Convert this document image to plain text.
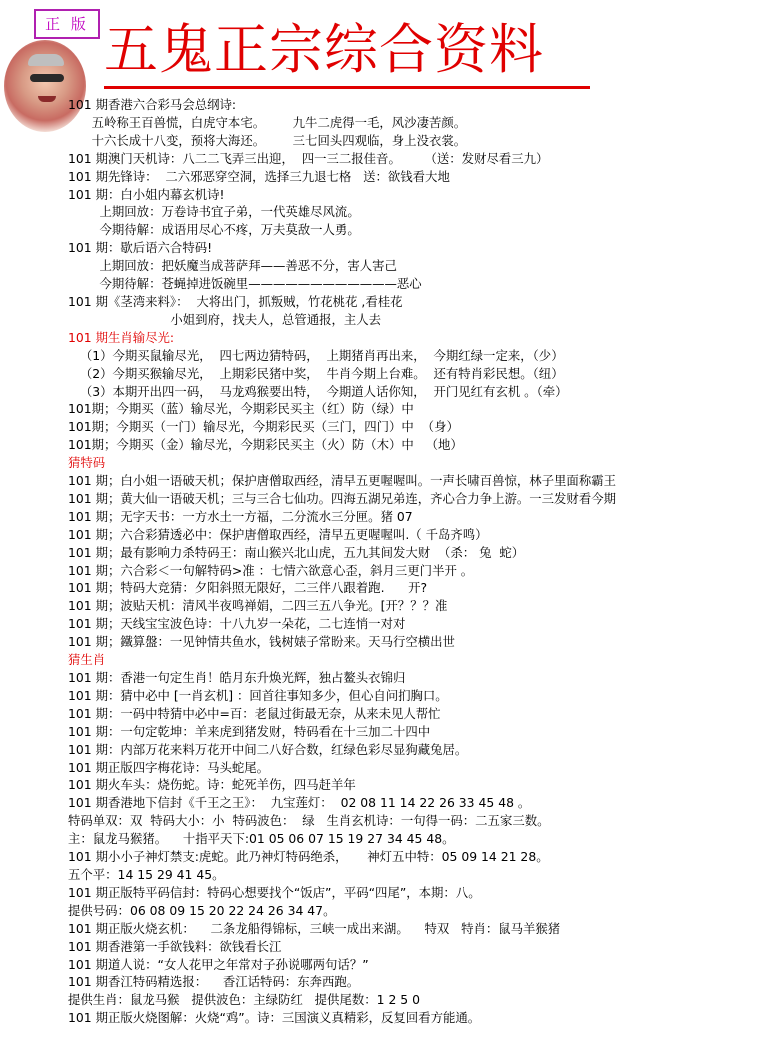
正 版 五鬼正宗综合资料
101 期香港六合彩马会总纲诗:
五岭称王百兽慌，白虎守本宅。       九牛二虎得一毛，风沙凄苦颜。
十六长成十八变，预将大海还。       三七回头四观临，身上没衣裳。
101 期澳门天机诗：八二二飞弄三出迎，  四一三二报佳音。      （送：发财尽看三九）
101 期先锋诗：  二六邪恶穿空洞，选择三九退七格   送：欲钱看大地
101 期：白小姐内幕玄机诗!
上期回放：万卷诗书宜子弟，一代英雄尽风流。
今期待解：成语用尽心不疼，万夫莫敌一人勇。
101 期：歇后语六合特码!
上期回放：把妖魔当成菩萨拜——善恶不分，害人害己
今期待解：苍蝇掉进饭碗里————————————恶心
101 期《茎湾来料》：  大将出门，抓叛贼，竹花桃花 ,看桂花
小姐到府，找夫人，总管通报，主人去
101 期生肖输尽光:
（1）今期买鼠输尽光，  四七两边猜特码，  上期猪肖再出来，  今期红绿一定来，（少）
（2）今期买猴输尽光，  上期彩民猪中奖，  牛肖今期上台难。  还有特肖彩民想。（纽）
（3）本期开出四一码，  马龙鸡猴要出特，  今期道人话你知，  开门见红有玄机 。（牵）
101期；今期买（蓝）输尽光，今期彩民买主（红）防（绿）中
101期；今期买（一门）输尽光，今期彩民买（三门，四门）中  （身）
101期；今期买（金）输尽光，今期彩民买主（火）防（木）中   （地）
猜特码
101 期；白小姐一语破天机；保护唐僧取西经，清早五更喔喔叫。一声长啸百兽惊，林子里面称霸王
101 期；黄大仙一语破天机；三与三合七仙功。四海五湖兄弟连，齐心合力争上游。一三发财看今期
101 期；无字天书：一方水土一方福，二分流水三分匣。猪 07
101 期；六合彩猜透必中：保护唐僧取西经，清早五更喔喔叫.（ 千岛齐鸣）
101 期；最有影响力杀特码王：南山猴兴北山虎，五九其间发大财  （杀： 兔  蛇）
101 期；六合彩＜一句解特码>准 ：七情六欲意心歪，斜月三更门半开 。
101 期；特码大竞猜：夕阳斜照无限好，二三伴八跟着跑.      开?
101 期；波贴天机：清风半夜鸣禅娟，二四三五八争光。[开？？？准
101 期；天线宝宝波色诗：十八九岁一朵花，二七连悄一对对
101 期；鐵算盤：一见钟情共鱼水，钱树婊子常盼来。天马行空横出世
猜生肖
101 期：香港一句定生肖！皓月东升焕光辉，独占鳌头衣锦归
101 期：猜中必中 [一肖玄机] ：回首往事知多少，但心自问扪胸口。
101 期：一码中特猜中必中=百：老鼠过街最无奈，从来未见人帮忙
101 期：一句定乾坤：羊来虎到猪发财，特码看在十三加二十四中
101 期：内部万花来料万花开中间二八好合数，红绿色彩尽显狗藏兔居。
101 期正版四字梅花诗：马头蛇尾。
101 期火车头：烧伤蛇。诗：蛇死羊伤，四马赶羊年
101 期香港地下信封《千王之王》：  九宝莲灯：  02 08 11 14 22 26 33 45 48 。
特码单双：双  特码大小：小  特码波色：  绿   生肖玄机诗：一句得一码：二五家三数。
主：鼠龙马猴猪。    十指平天下:01 05 06 07 15 19 27 34 45 48。
101 期小小子神灯禁支:虎蛇。此乃神灯特码绝杀，     神灯五中特：05 09 14 21 28。
五个平：14 15 29 41 45。
101 期正版特平码信封：特码心想要找个“饭店”，平码“四尾”，本期：八。
提供号码：06 08 09 15 20 22 24 26 34 47。
101 期正版火烧玄机：    二条龙船得锦标，三峡一成出来湖。    特双   特肖：鼠马羊猴猪
101 期香港第一手欲钱料：欲钱看长江
101 期道人说：“女人花甲之年常对子孙说哪两句话？”
101 期香江特码精选报：    香江话特码：东奔西跑。
提供生肖：鼠龙马猴   提供波色：主绿防红   提供尾数：1 2 5 0
101 期正版火烧图解：火烧“鸡”。诗：三国演义真精彩，反复回看方能通。
